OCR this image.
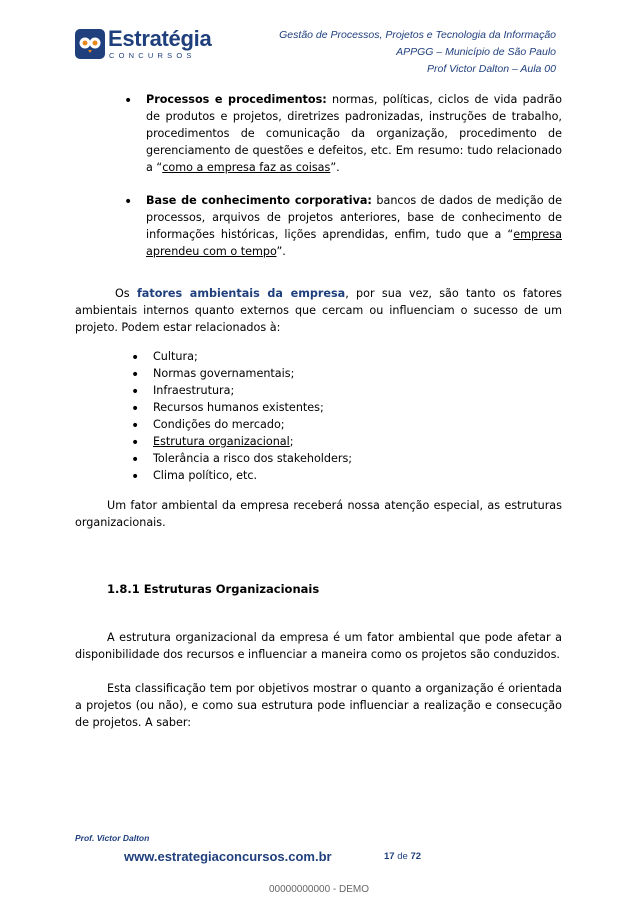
Estratégia
CONCURSOS
Gestão de Processos, Projetos e Tecnologia da Informação
APPGG – Município de São Paulo
Prof Victor Dalton – Aula 00
• Processos e procedimentos: normas, políticas, ciclos de vida padrão de produtos e projetos, diretrizes padronizadas, instruções de trabalho, procedimentos de comunicação da organização, procedimento de gerenciamento de questões e defeitos, etc. Em resumo: tudo relacionado a “como a empresa faz as coisas”.
• Base de conhecimento corporativa: bancos de dados de medição de processos, arquivos de projetos anteriores, base de conhecimento de informações históricas, lições aprendidas, enfim, tudo que a “empresa aprendeu com o tempo”.
Os fatores ambientais da empresa, por sua vez, são tanto os fatores ambientais internos quanto externos que cercam ou influenciam o sucesso de um projeto. Podem estar relacionados à:
• Cultura;
• Normas governamentais;
• Infraestrutura;
• Recursos humanos existentes;
• Condições do mercado;
• Estrutura organizacional;
• Tolerância a risco dos stakeholders;
• Clima político, etc.
Um fator ambiental da empresa receberá nossa atenção especial, as estruturas organizacionais.
1.8.1 Estruturas Organizacionais
A estrutura organizacional da empresa é um fator ambiental que pode afetar a disponibilidade dos recursos e influenciar a maneira como os projetos são conduzidos.
Esta classificação tem por objetivos mostrar o quanto a organização é orientada a projetos (ou não), e como sua estrutura pode influenciar a realização e consecução de projetos. A saber:
Prof. Victor Dalton
www.estrategiaconcursos.com.br	17 de 72
00000000000 - DEMO
